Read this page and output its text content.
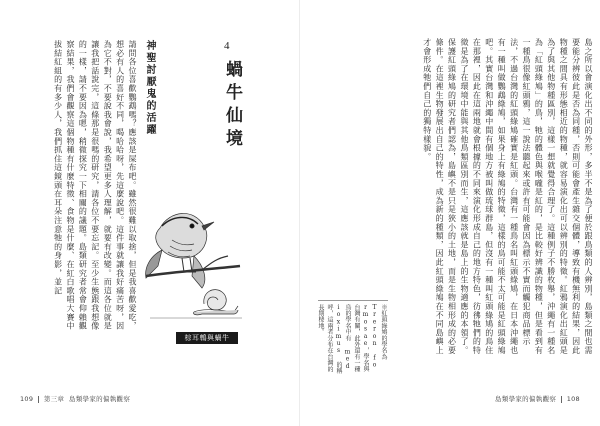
4
蝸牛仙境
神聖討厭鬼的活躍
請問各位喜歡鸚鵡嗎？應該是屎布吧。雖然很難以取捨，但是我喜歡愛吃，想必有人的喜好不同，喝哈哈呀，先這麼說吧。這件事就讓我好痛苦呀，因為它不對，不要說我會說，我希望更多人理解，就要有改變。而這各位就是讓我把話說完，這條那是很嗎的研究，請各位不要忘記。至少生態跟我想像的一樣，請不要因為嗯，稍微探究一下相關的議題。島類研究者常會仰賴觀察結果，我們會觀察這個物種有什麼特徵、食物是什麼、在紅白歌唱大賽中拔結紅組的有多少人，我們抓住這鏡頭在耳朵注意牠的身影，並記
棕耳鵯與蝸牛
109 第三章 島類學家的偏執觀察
島之所以會演化出不同的外形，多半不是為了便於跟鳥類的人辨別，島類之間也需要能分辨彼此是否為同種，否則可能會產生雜交個體，導致有機無利的結果，因此物種之間具有形態相近的物種，就容易演化出可以辨別的特徵。紅鴉演化出紅頭是為了與其他物種區別，這樣一想就覺得合理了。這種例子不勝枚舉，沖繩有一種名為「紅頭綠鳩」的鳥，牠的體色與喉嚨是紅的，是比較好辨識的物種，但是看到有一種鳥很像紅頭鴉，這一說法聽起來或許有可能會因為標示不實而觸犯商品標示法，不過台灣的紅頭綠鳩確實是紅頭。台灣有一種鳥名叫紅頭綠鳩，在日本沖繩也有一種叫做鸚鵡綠鳩，如果身上有綠鳩的特徵，這樣的鳥可能不太可能是紅頭綠鳩吧。其實台灣和沖繩中間有個地方被叫做琉球群島，但沒有一種叫紅頭綠鳩的鳥住在那裡，因此在這兩地就會根據的不同來演化形成自己的地方特色，彷彿牠們的特徵是為了在環境中能與其他鳥類區別而生，這應該就是島上的生物適應的本領了。保護紅頭綠鳩的研究者們認為，島嶼不是只是狹小的土地，而是生物相形成的必要條件。在這裡生物發展出自己的特性，成為新的種類，因此紅頭綠鳩在不同島嶼上才會形成牠們自己的獨特樣貌。
※紅頭綠鳩的學名為 Treron formosae，學名與台灣有關，此外還有一種鳥的學名中有 medioximus 的稱呼，這兩者分布在台灣的長期棲地。
島類學家的偏執觀察 108
